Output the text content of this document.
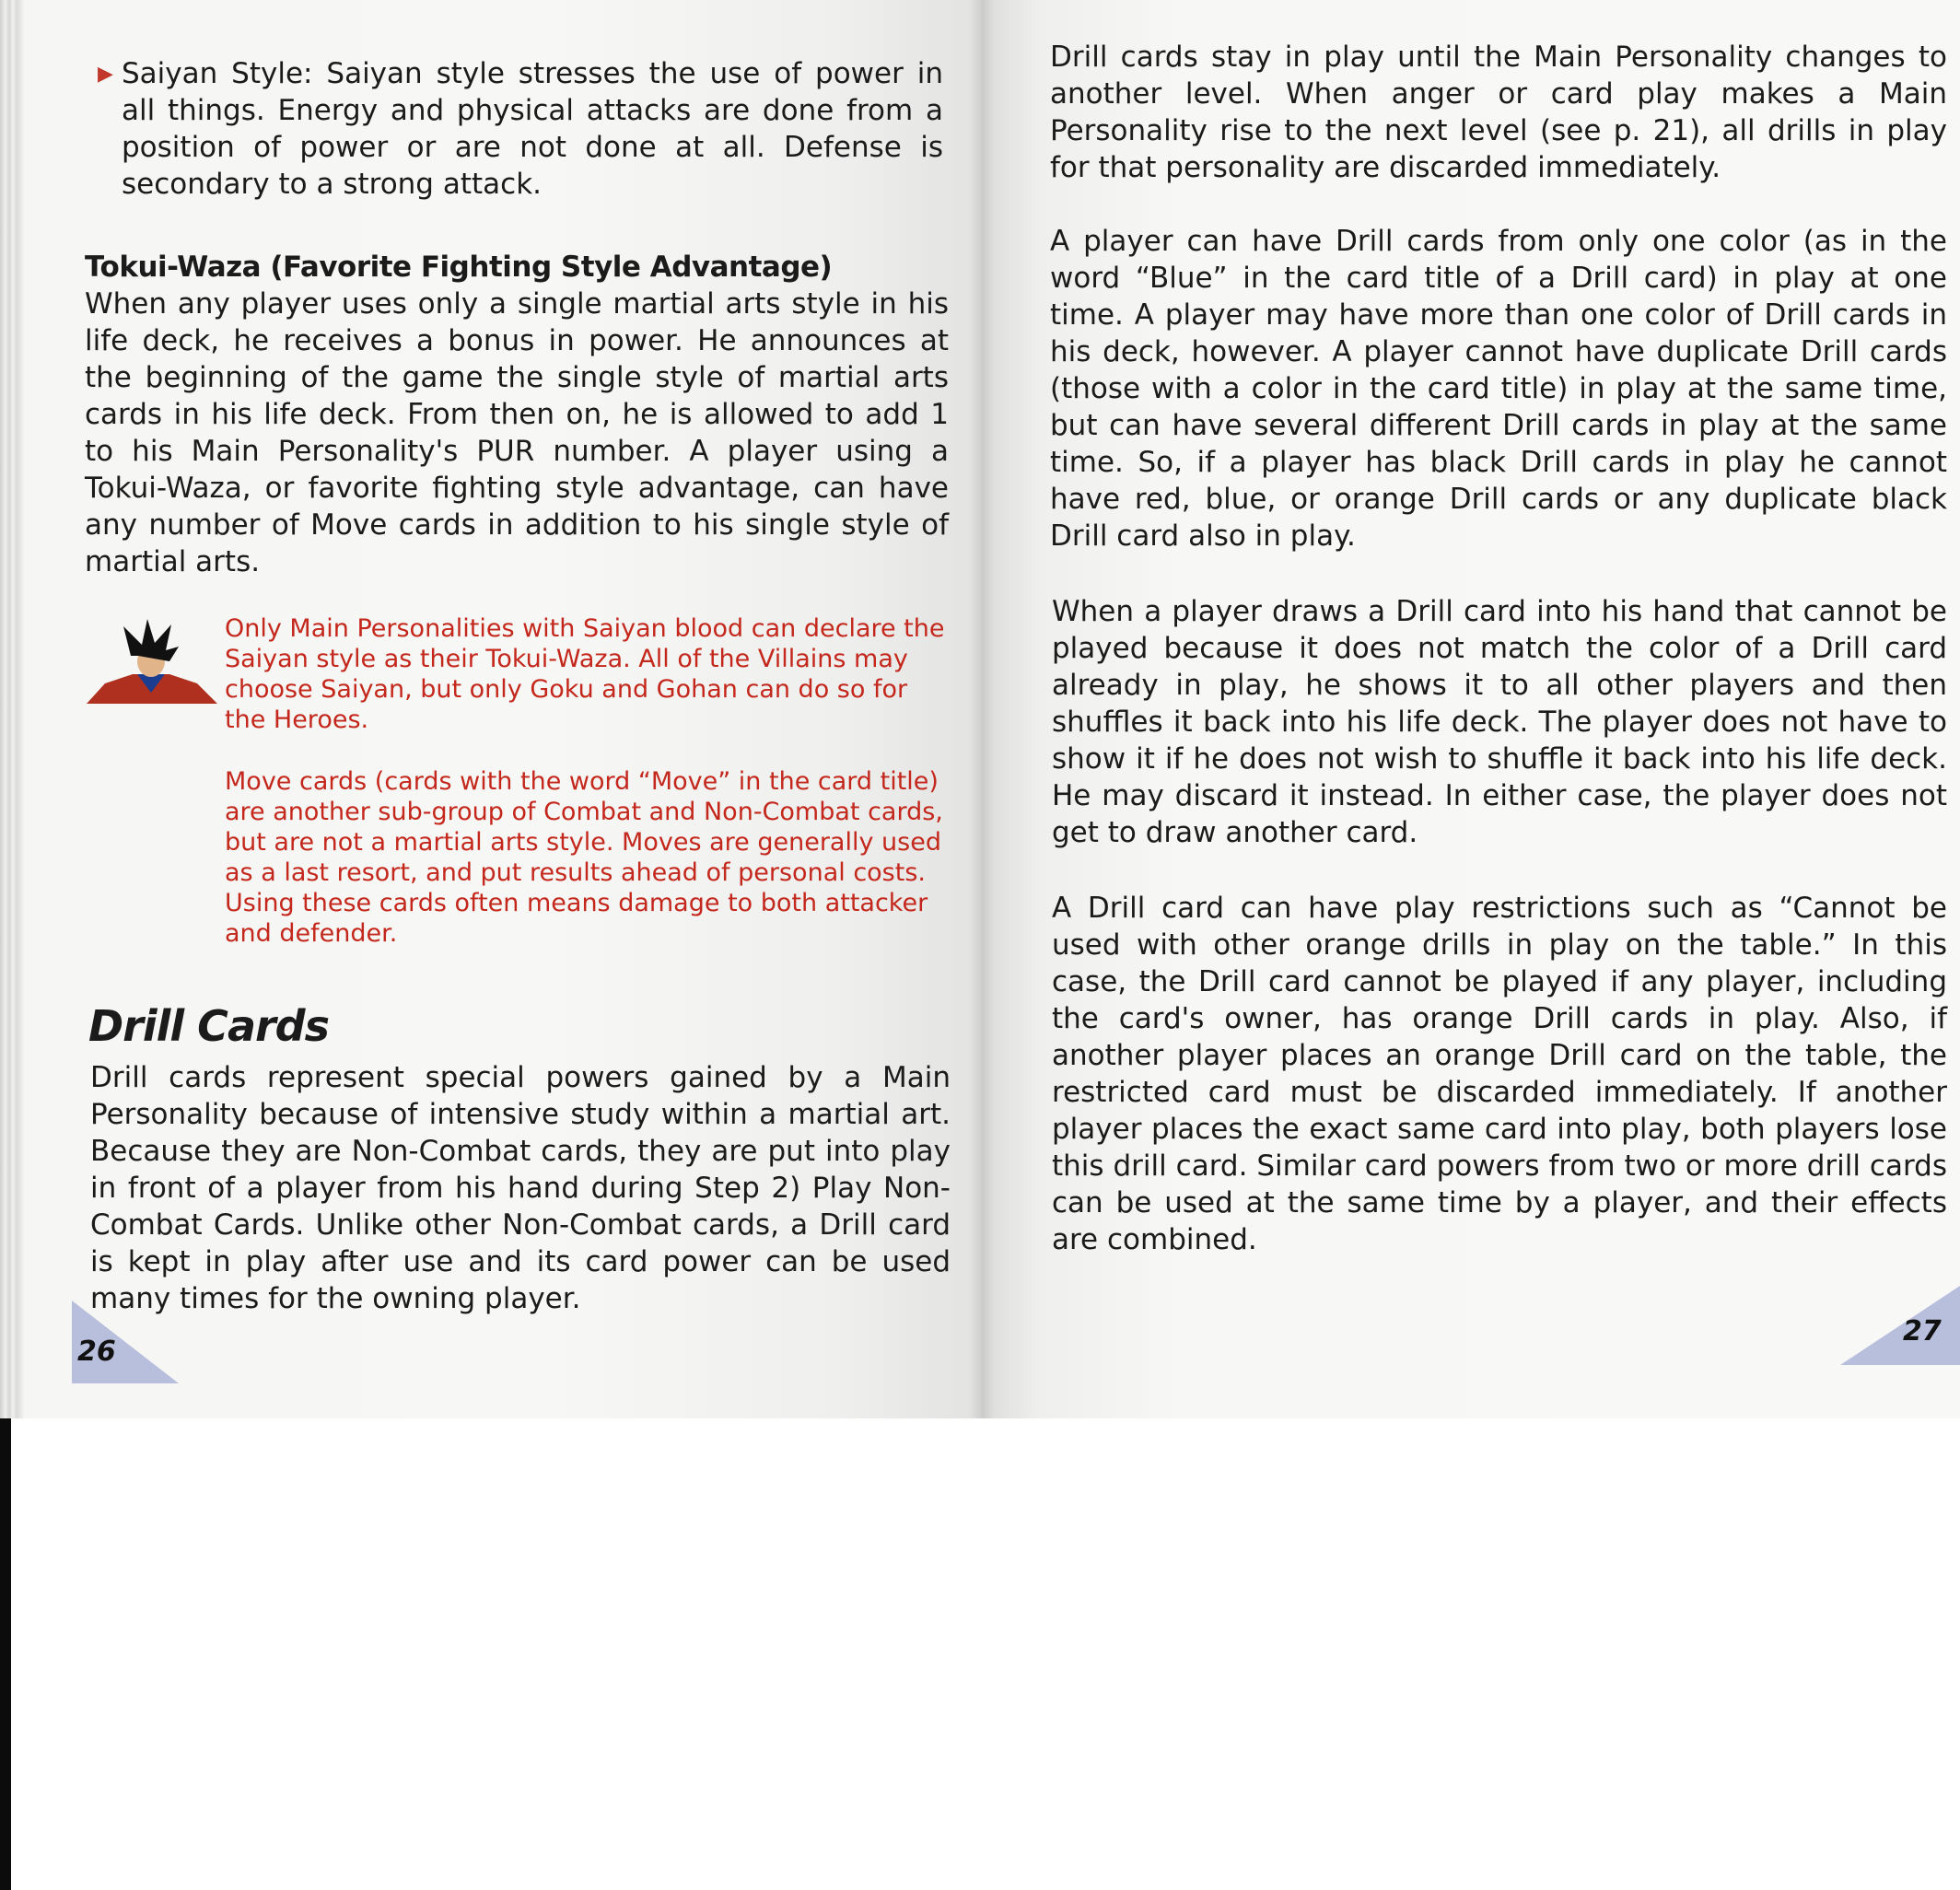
▶ Saiyan Style: Saiyan style stresses the use of power in all things. Energy and physical attacks are done from a position of power or are not done at all. Defense is secondary to a strong attack.

Tokui-Waza (Favorite Fighting Style Advantage)

When any player uses only a single martial arts style in his life deck, he receives a bonus in power. He announces at the beginning of the game the single style of martial arts cards in his life deck. From then on, he is allowed to add 1 to his Main Personality's PUR number. A player using a Tokui-Waza, or favorite fighting style advantage, can have any number of Move cards in addition to his single style of martial arts.

Only Main Personalities with Saiyan blood can declare the Saiyan style as their Tokui-Waza. All of the Villains may choose Saiyan, but only Goku and Gohan can do so for the Heroes.

Move cards (cards with the word “Move” in the card title) are another sub-group of Combat and Non-Combat cards, but are not a martial arts style. Moves are generally used as a last resort, and put results ahead of personal costs. Using these cards often means damage to both attacker and defender.

Drill Cards

Drill cards represent special powers gained by a Main Personality because of intensive study within a martial art. Because they are Non-Combat cards, they are put into play in front of a player from his hand during Step 2) Play Non-Combat Cards. Unlike other Non-Combat cards, a Drill card is kept in play after use and its card power can be used many times for the owning player.

26

Drill cards stay in play until the Main Personality changes to another level. When anger or card play makes a Main Personality rise to the next level (see p. 21), all drills in play for that personality are discarded immediately.

A player can have Drill cards from only one color (as in the word “Blue” in the card title of a Drill card) in play at one time. A player may have more than one color of Drill cards in his deck, however. A player cannot have duplicate Drill cards (those with a color in the card title) in play at the same time, but can have several different Drill cards in play at the same time. So, if a player has black Drill cards in play he cannot have red, blue, or orange Drill cards or any duplicate black Drill card also in play.

When a player draws a Drill card into his hand that cannot be played because it does not match the color of a Drill card already in play, he shows it to all other players and then shuffles it back into his life deck. The player does not have to show it if he does not wish to shuffle it back into his life deck. He may discard it instead. In either case, the player does not get to draw another card.

A Drill card can have play restrictions such as “Cannot be used with other orange drills in play on the table.” In this case, the Drill card cannot be played if any player, including the card's owner, has orange Drill cards in play. Also, if another player places an orange Drill card on the table, the restricted card must be discarded immediately. If another player places the exact same card into play, both players lose this drill card. Similar card powers from two or more drill cards can be used at the same time by a player, and their effects are combined.

27
